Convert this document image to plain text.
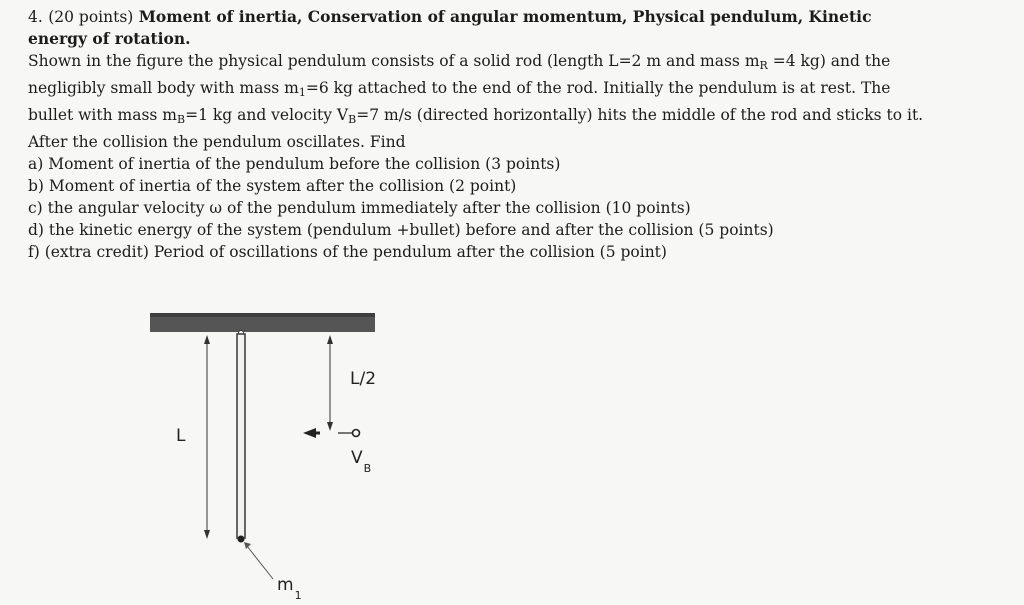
4. (20 points) Moment of inertia, Conservation of angular momentum, Physical pendulum, Kinetic
energy of rotation.

Shown in the figure the physical pendulum consists of a solid rod (length L=2 m and mass $m_R =4$ kg) and the

negligibly small body with mass $m_1=6$ kg attached to the end of the rod. Initially the pendulum is at rest. The

bullet with mass $m_B=1$ kg and velocity $V_B=7$ m/s (directed horizontally) hits the middle of the rod and sticks to it.

After the collision the pendulum oscillates. Find

a) Moment of inertia of the pendulum before the collision (3 points)
b) Moment of inertia of the system after the collision (2 point)
c) the angular velocity ω of the pendulum immediately after the collision (10 points)
d) the kinetic energy of the system (pendulum +bullet) before and after the collision (5 points)
f) (extra credit) Period of oscillations of the pendulum after the collision (5 point)
L
L/2
$V_B$
$m_1$
